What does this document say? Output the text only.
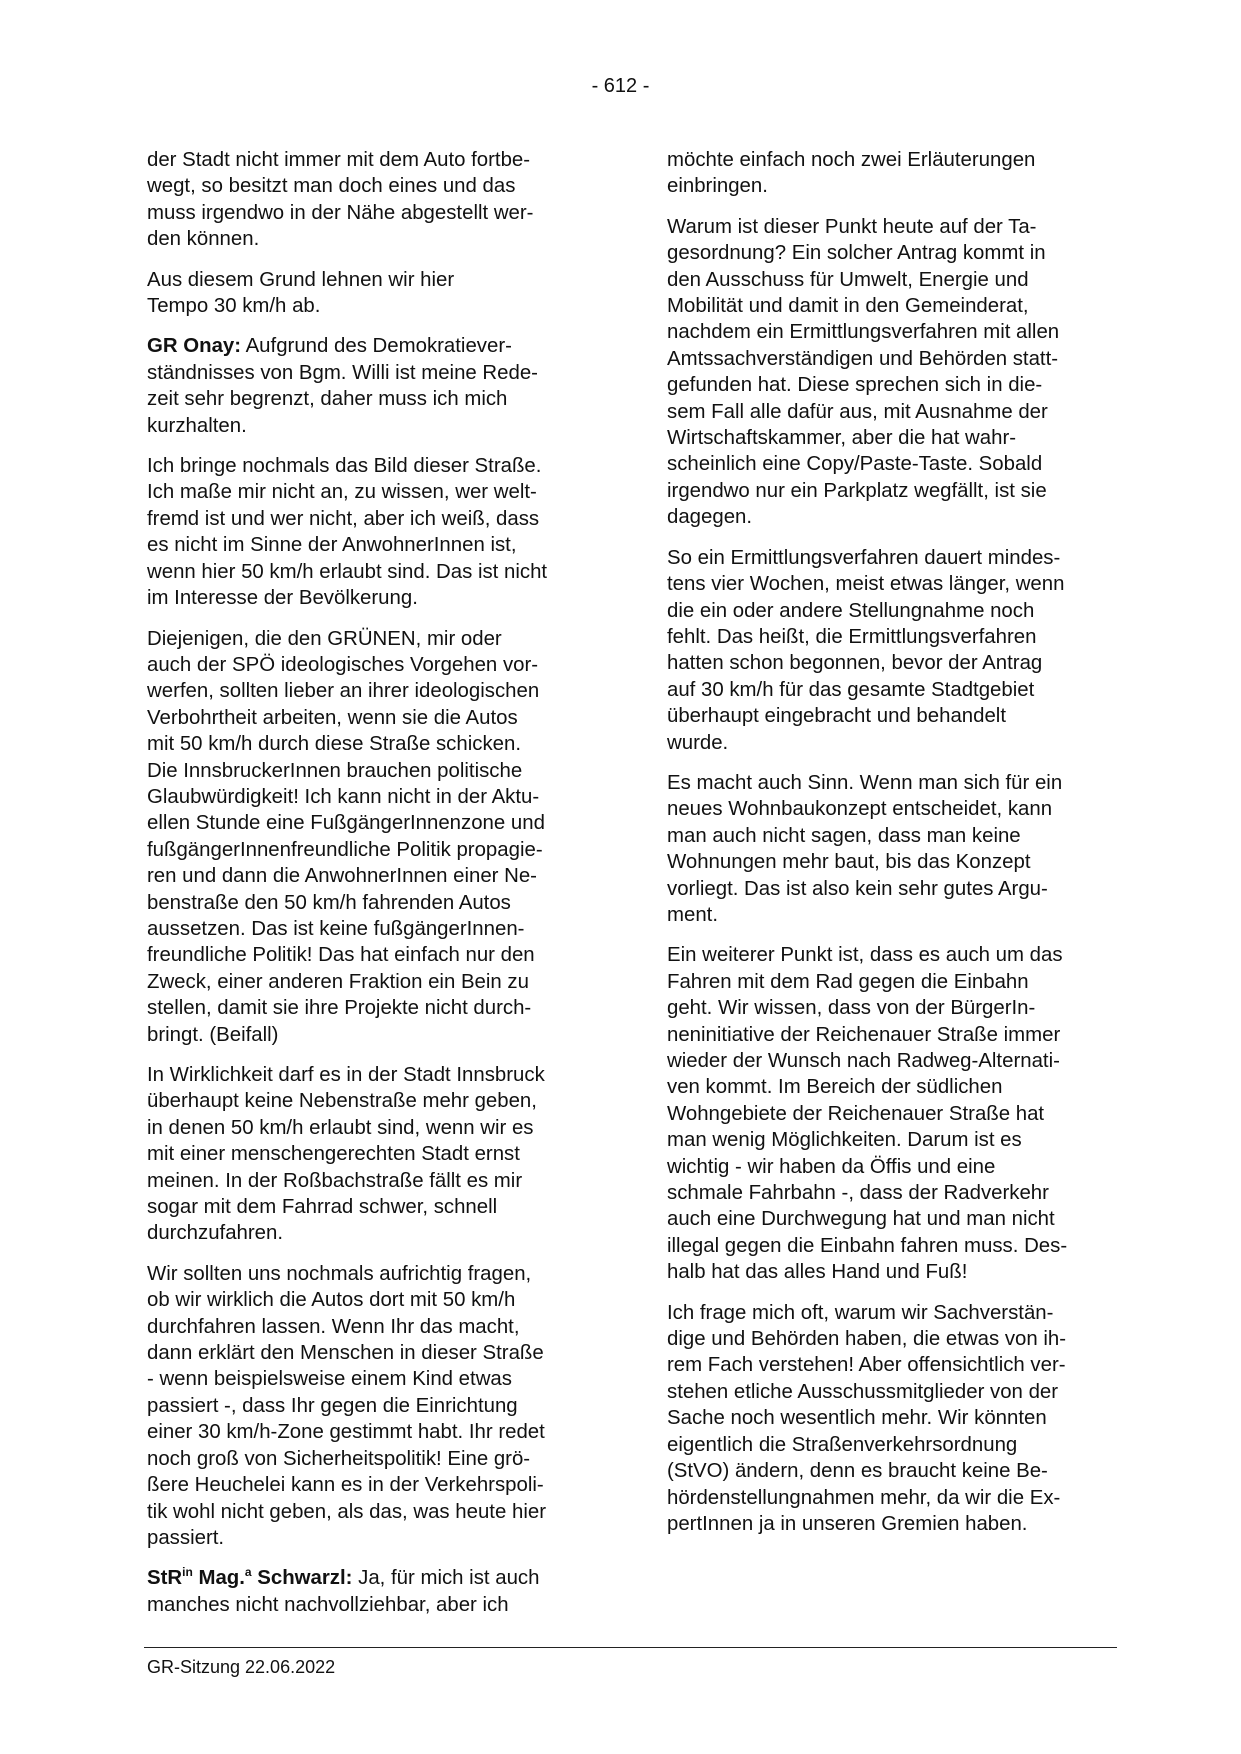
- 612 -

der Stadt nicht immer mit dem Auto fortbe-
wegt, so besitzt man doch eines und das
muss irgendwo in der Nähe abgestellt wer-
den können.

Aus diesem Grund lehnen wir hier
Tempo 30 km/h ab.

GR Onay: Aufgrund des Demokratiever-
ständnisses von Bgm. Willi ist meine Rede-
zeit sehr begrenzt, daher muss ich mich
kurzhalten.

Ich bringe nochmals das Bild dieser Straße.
Ich maße mir nicht an, zu wissen, wer welt-
fremd ist und wer nicht, aber ich weiß, dass
es nicht im Sinne der AnwohnerInnen ist,
wenn hier 50 km/h erlaubt sind. Das ist nicht
im Interesse der Bevölkerung.

Diejenigen, die den GRÜNEN, mir oder
auch der SPÖ ideologisches Vorgehen vor-
werfen, sollten lieber an ihrer ideologischen
Verbohrtheit arbeiten, wenn sie die Autos
mit 50 km/h durch diese Straße schicken.
Die InnsbruckerInnen brauchen politische
Glaubwürdigkeit! Ich kann nicht in der Aktu-
ellen Stunde eine FußgängerInnenzone und
fußgängerInnenfreundliche Politik propagie-
ren und dann die AnwohnerInnen einer Ne-
benstraße den 50 km/h fahrenden Autos
aussetzen. Das ist keine fußgängerInnen-
freundliche Politik! Das hat einfach nur den
Zweck, einer anderen Fraktion ein Bein zu
stellen, damit sie ihre Projekte nicht durch-
bringt. (Beifall)

In Wirklichkeit darf es in der Stadt Innsbruck
überhaupt keine Nebenstraße mehr geben,
in denen 50 km/h erlaubt sind, wenn wir es
mit einer menschengerechten Stadt ernst
meinen. In der Roßbachstraße fällt es mir
sogar mit dem Fahrrad schwer, schnell
durchzufahren.

Wir sollten uns nochmals aufrichtig fragen,
ob wir wirklich die Autos dort mit 50 km/h
durchfahren lassen. Wenn Ihr das macht,
dann erklärt den Menschen in dieser Straße
- wenn beispielsweise einem Kind etwas
passiert -, dass Ihr gegen die Einrichtung
einer 30 km/h-Zone gestimmt habt. Ihr redet
noch groß von Sicherheitspolitik! Eine grö-
ßere Heuchelei kann es in der Verkehrspoli-
tik wohl nicht geben, als das, was heute hier
passiert.

StR$^{in}$ Mag.$^a$ Schwarzl: Ja, für mich ist auch
manches nicht nachvollziehbar, aber ich

möchte einfach noch zwei Erläuterungen
einbringen.

Warum ist dieser Punkt heute auf der Ta-
gesordnung? Ein solcher Antrag kommt in
den Ausschuss für Umwelt, Energie und
Mobilität und damit in den Gemeinderat,
nachdem ein Ermittlungsverfahren mit allen
Amtssachverständigen und Behörden statt-
gefunden hat. Diese sprechen sich in die-
sem Fall alle dafür aus, mit Ausnahme der
Wirtschaftskammer, aber die hat wahr-
scheinlich eine Copy/Paste-Taste. Sobald
irgendwo nur ein Parkplatz wegfällt, ist sie
dagegen.

So ein Ermittlungsverfahren dauert mindes-
tens vier Wochen, meist etwas länger, wenn
die ein oder andere Stellungnahme noch
fehlt. Das heißt, die Ermittlungsverfahren
hatten schon begonnen, bevor der Antrag
auf 30 km/h für das gesamte Stadtgebiet
überhaupt eingebracht und behandelt
wurde.

Es macht auch Sinn. Wenn man sich für ein
neues Wohnbaukonzept entscheidet, kann
man auch nicht sagen, dass man keine
Wohnungen mehr baut, bis das Konzept
vorliegt. Das ist also kein sehr gutes Argu-
ment.

Ein weiterer Punkt ist, dass es auch um das
Fahren mit dem Rad gegen die Einbahn
geht. Wir wissen, dass von der BürgerIn-
neninitiative der Reichenauer Straße immer
wieder der Wunsch nach Radweg-Alternati-
ven kommt. Im Bereich der südlichen
Wohngebiete der Reichenauer Straße hat
man wenig Möglichkeiten. Darum ist es
wichtig - wir haben da Öffis und eine
schmale Fahrbahn -, dass der Radverkehr
auch eine Durchwegung hat und man nicht
illegal gegen die Einbahn fahren muss. Des-
halb hat das alles Hand und Fuß!

Ich frage mich oft, warum wir Sachverstän-
dige und Behörden haben, die etwas von ih-
rem Fach verstehen! Aber offensichtlich ver-
stehen etliche Ausschussmitglieder von der
Sache noch wesentlich mehr. Wir könnten
eigentlich die Straßenverkehrsordnung
(StVO) ändern, denn es braucht keine Be-
hördenstellungnahmen mehr, da wir die Ex-
pertInnen ja in unseren Gremien haben.

GR-Sitzung 22.06.2022
